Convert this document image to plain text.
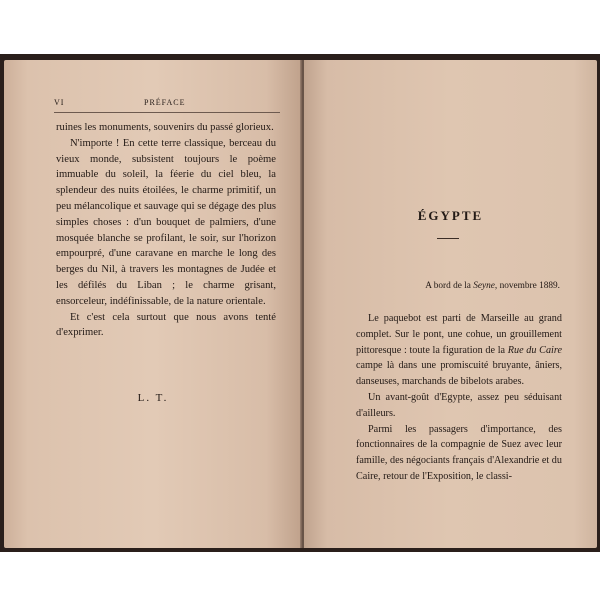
VI	PRÉFACE

ruines les monuments, souvenirs du passé glorieux.

N'importe ! En cette terre classique, berceau du vieux monde, subsistent toujours le poème immuable du soleil, la féerie du ciel bleu, la splendeur des nuits étoilées, le charme primitif, un peu mélancolique et sauvage qui se dégage des plus simples choses : d'un bouquet de palmiers, d'une mosquée blanche se profilant, le soir, sur l'horizon empourpré, d'une caravane en marche le long des berges du Nil, à travers les montagnes de Judée et les défilés du Liban ; le charme grisant, ensorceleur, indéfinissable, de la nature orientale.

Et c'est cela surtout que nous avons tenté d'exprimer.

L. T.
ÉGYPTE
A bord de la Seyne, novembre 1889.

Le paquebot est parti de Marseille au grand complet. Sur le pont, une cohue, un grouillement pittoresque : toute la figuration de la Rue du Caire campe là dans une promiscuité bruyante, âniers, danseuses, marchands de bibelots arabes.

Un avant-goût d'Egypte, assez peu séduisant d'ailleurs.

Parmi les passagers d'importance, des fonctionnaires de la compagnie de Suez avec leur famille, des négociants français d'Alexandrie et du Caire, retour de l'Exposition, le classi-
